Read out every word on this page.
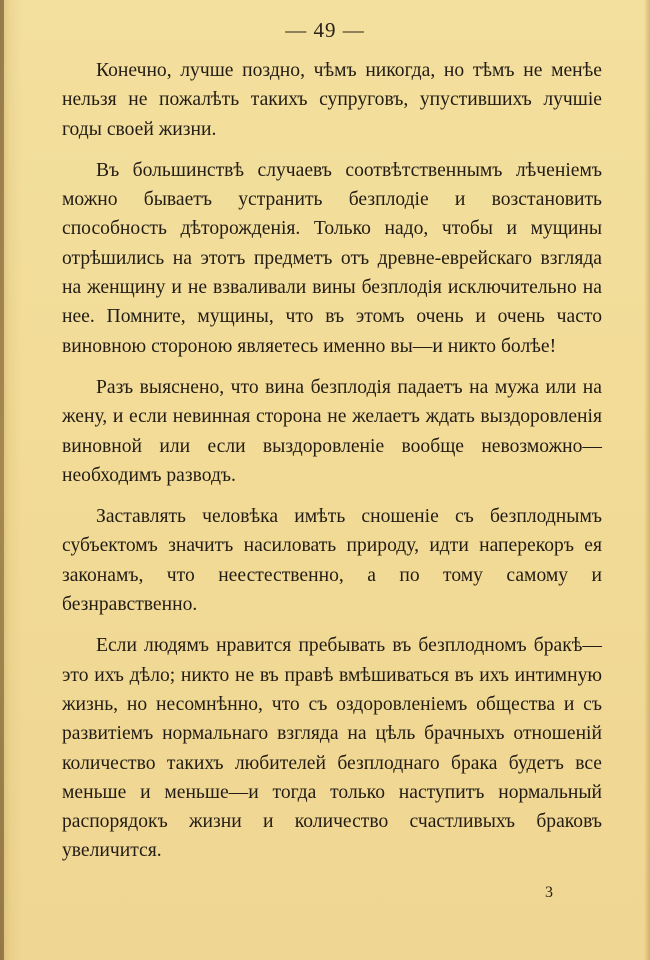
— 49 —

Конечно, лучше поздно, чѣмъ никогда, но тѣмъ не менѣе нельзя не пожалѣть такихъ супруговъ, упустившихъ лучшіе годы своей жизни.

Въ большинствѣ случаевъ соотвѣтственнымъ лѣченіемъ можно бываетъ устранить безплодіе и возстановить способность дѣторожденія. Только надо, чтобы и мущины отрѣшились на этотъ предметъ отъ древне-еврейскаго взгляда на женщину и не взваливали вины безплодія исключительно на нее. Помните, мущины, что въ этомъ очень и очень часто виновною стороною являетесь именно вы—и никто болѣе!

Разъ выяснено, что вина безплодія падаетъ на мужа или на жену, и если невинная сторона не желаетъ ждать выздоровленія виновной или если выздоровленіе вообще невозможно—необходимъ разводъ.

Заставлять человѣка имѣть сношеніе съ безплоднымъ субъектомъ значитъ насиловать природу, идти наперекоръ ея законамъ, что неестественно, а по тому самому и безнравственно.

Если людямъ нравится пребывать въ безплодномъ бракѣ—это ихъ дѣло; никто не въ правѣ вмѣшиваться въ ихъ интимную жизнь, но несомнѣнно, что съ оздоровленіемъ общества и съ развитіемъ нормальнаго взгляда на цѣль брачныхъ отношеній количество такихъ любителей безплоднаго брака будетъ все меньше и меньше—и тогда только наступитъ нормальный распорядокъ жизни и количество счастливыхъ браковъ увеличится.

3
